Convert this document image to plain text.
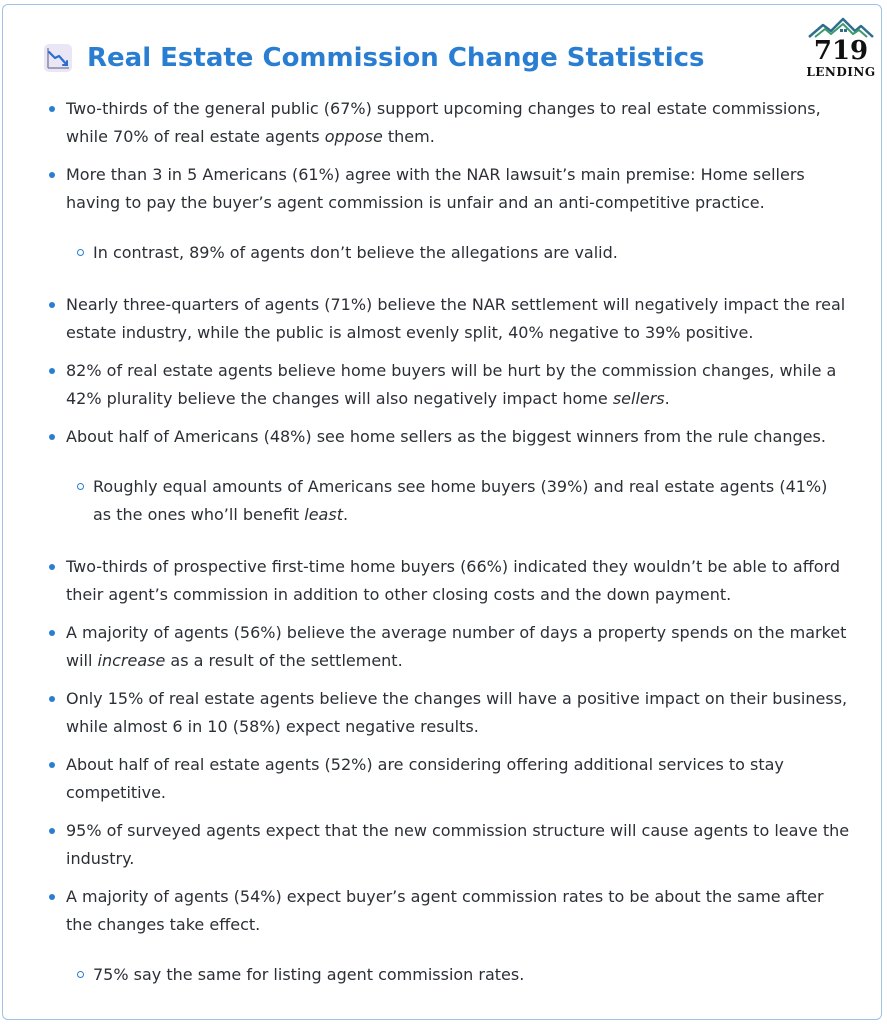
Real Estate Commission Change Statistics	719
LENDING
Two-thirds of the general public (67%) support upcoming changes to real estate commissions, while 70% of real estate agents oppose them.
More than 3 in 5 Americans (61%) agree with the NAR lawsuit’s main premise: Home sellers having to pay the buyer’s agent commission is unfair and an anti-competitive practice.
In contrast, 89% of agents don’t believe the allegations are valid.
Nearly three-quarters of agents (71%) believe the NAR settlement will negatively impact the real estate industry, while the public is almost evenly split, 40% negative to 39% positive.
82% of real estate agents believe home buyers will be hurt by the commission changes, while a 42% plurality believe the changes will also negatively impact home sellers.
About half of Americans (48%) see home sellers as the biggest winners from the rule changes.
Roughly equal amounts of Americans see home buyers (39%) and real estate agents (41%) as the ones who’ll benefit least.
Two-thirds of prospective first-time home buyers (66%) indicated they wouldn’t be able to afford their agent’s commission in addition to other closing costs and the down payment.
A majority of agents (56%) believe the average number of days a property spends on the market will increase as a result of the settlement.
Only 15% of real estate agents believe the changes will have a positive impact on their business, while almost 6 in 10 (58%) expect negative results.
About half of real estate agents (52%) are considering offering additional services to stay competitive.
95% of surveyed agents expect that the new commission structure will cause agents to leave the industry.
A majority of agents (54%) expect buyer’s agent commission rates to be about the same after the changes take effect.
75% say the same for listing agent commission rates.
